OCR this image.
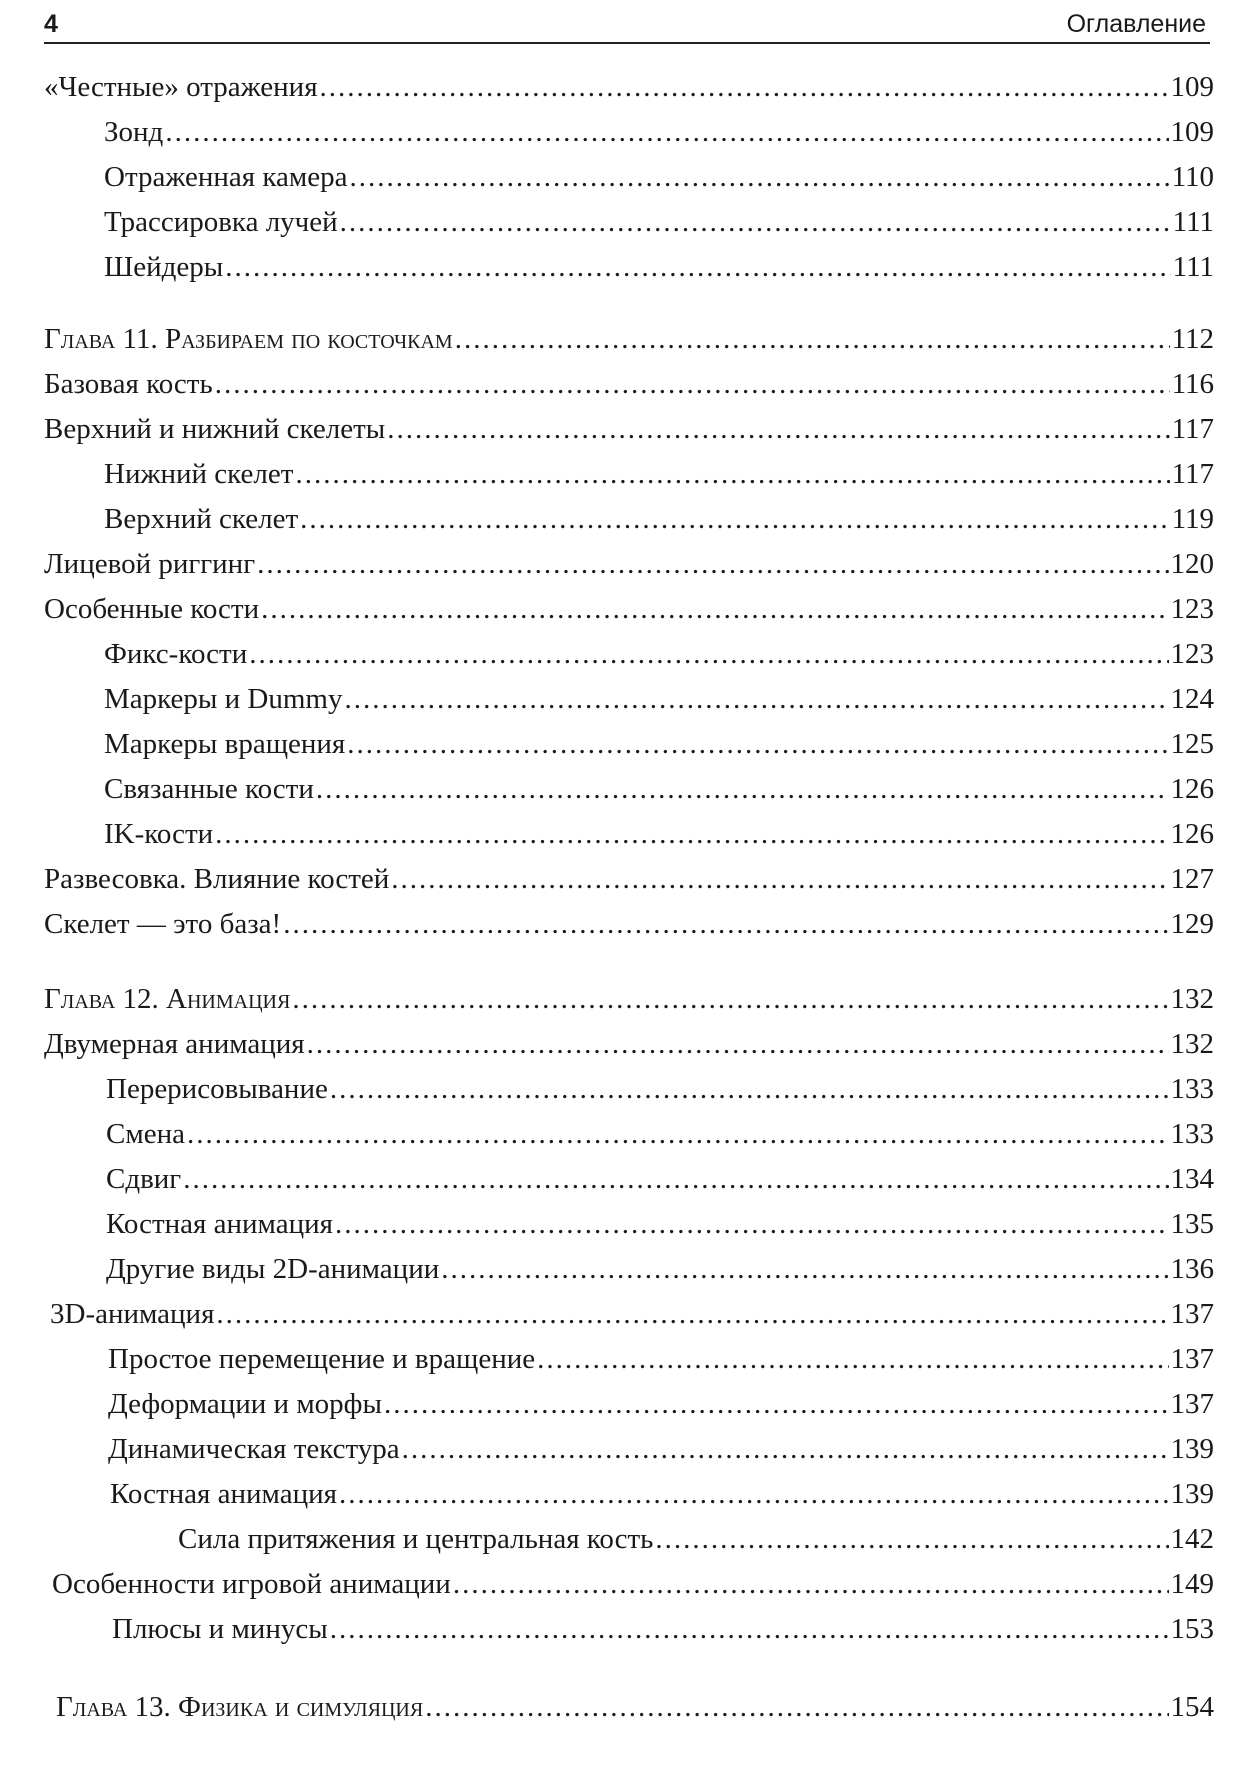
4	Оглавление
«Честные» отражения .....	109
Зонд .....	109
Отраженная камера .....	110
Трассировка лучей .....	111
Шейдеры .....	111
Глава 11. Разбираем по косточкам .....	112
Базовая кость .....	116
Верхний и нижний скелеты .....	117
Нижний скелет .....	117
Верхний скелет .....	119
Лицевой риггинг .....	120
Особенные кости .....	123
Фикс-кости .....	123
Маркеры и Dummy .....	124
Маркеры вращения .....	125
Связанные кости .....	126
IK-кости .....	126
Развесовка. Влияние костей .....	127
Скелет — это база! .....	129
Глава 12. Анимация .....	132
Двумерная анимация .....	132
Перерисовывание .....	133
Смена .....	133
Сдвиг .....	134
Костная анимация .....	135
Другие виды 2D-анимации .....	136
3D-анимация .....	137
Простое перемещение и вращение .....	137
Деформации и морфы .....	137
Динамическая текстура .....	139
Костная анимация .....	139
Сила притяжения и центральная кость .....	142
Особенности игровой анимации .....	149
Плюсы и минусы .....	153
Глава 13. Физика и симуляция .....	154
